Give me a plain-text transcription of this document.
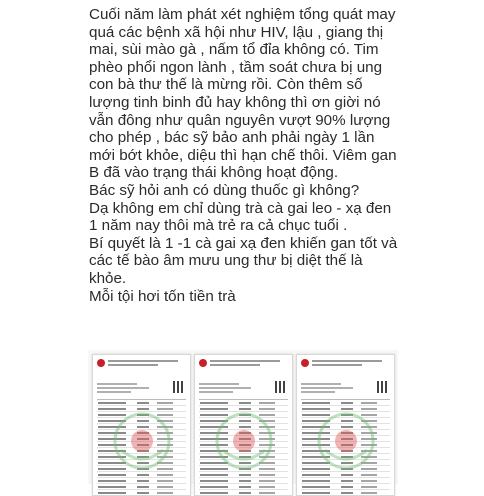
Cuối năm làm phát xét nghiệm tổng quát may quá các bệnh xã hội như HIV, lậu , giang thị mai, sùi mào gà , nấm tổ đỉa không có. Tim phèo phổi ngon lành , tầm soát chưa bị ung con bà thư thế là mừng rồi. Còn thêm số lượng tinh binh đủ hay không thì ơn giời nó vẫn đông như quân nguyên vượt 90% lượng cho phép , bác sỹ bảo anh phải ngày 1 lần mới bớt khỏe, diệu thì hạn chế thôi. Viêm gan B đã vào trạng thái không hoạt động.

Bác sỹ hỏi anh có dùng thuốc gì không?

Dạ không em chỉ dùng trà cà gai leo - xạ đen 1 năm nay thôi mà trẻ ra cả chục tuổi .

Bí quyết là 1 -1 cà gai xạ đen khiến gan tốt và các tế bào âm mưu ung thư bị diệt thế là khỏe.

Mỗi tội hơi tốn tiền trà
